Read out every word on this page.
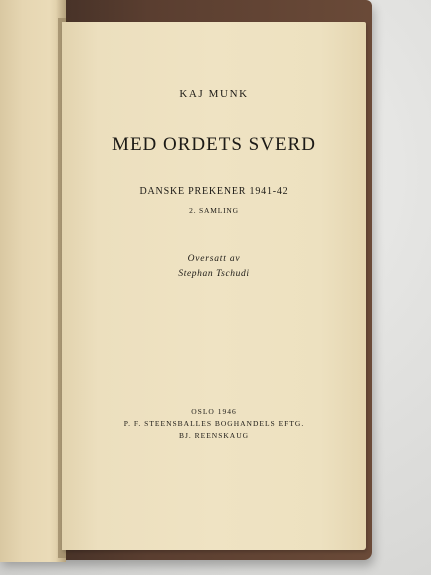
KAJ MUNK
MED ORDETS SVERD
DANSKE PREKENER 1941-42
2. SAMLING
Oversatt av
Stephan Tschudi
OSLO 1946
P. F. STEENSBALLES BOGHANDELS EFTG.
BJ. REENSKAUG
